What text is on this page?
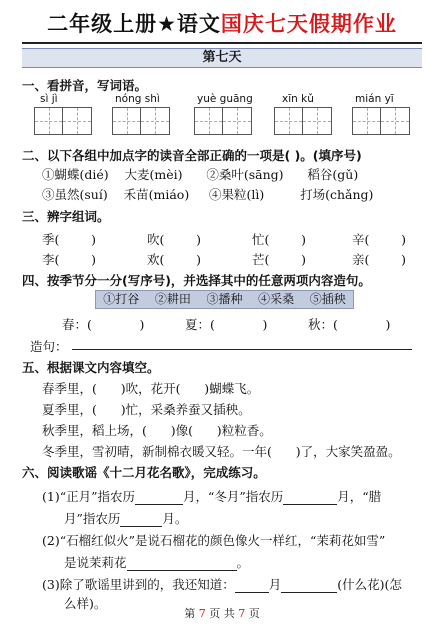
二年级上册★语文国庆七天假期作业
第七天
一、看拼音，写词语。
sì jì	nóng shì	yuè guāng	xīn kǔ	mián yī
二、以下各组中加点字的读音全部正确的一项是( )。(填序号)
①蝴蝶(dié)    大麦(mèi)      ②桑叶(sāng)      稻谷(gǔ)
③虽然(suí)    禾苗(miáo)     ④果粒(lì)         打场(chǎng)
三、辨字组词。
季(        )	吹(        )	忙(        )	辛(        )
李(        )	欢(        )	芒(        )	亲(        )
四、按季节分一分(写序号)，并选择其中的任意两项内容造句。
①打谷  ②耕田  ③播种  ④采桑  ⑤插秧
春：(            )	夏：(            )	秋：(            )
造句：
五、根据课文内容填空。
春季里，(      )吹，花开(      )蝴蝶飞。
夏季里，(      )忙，采桑养蚕又插秧。
秋季里，稻上场，(      )像(      )粒粒香。
冬季里，雪初晴，新制棉衣暖又轻。一年(      )了，大家笑盈盈。
六、阅读歌谣《十二月花名歌》，完成练习。
(1)“正月”指农历	月，“冬月”指农历	月，“腊
月”指农历	月。
(2)“石榴红似火”是说石榴花的颜色像火一样红，“茉莉花如雪”
是说茉莉花	。
(3)除了歌谣里讲到的，我还知道：	月	(什么花)(怎
么样)。
第 7 页 共 7 页
